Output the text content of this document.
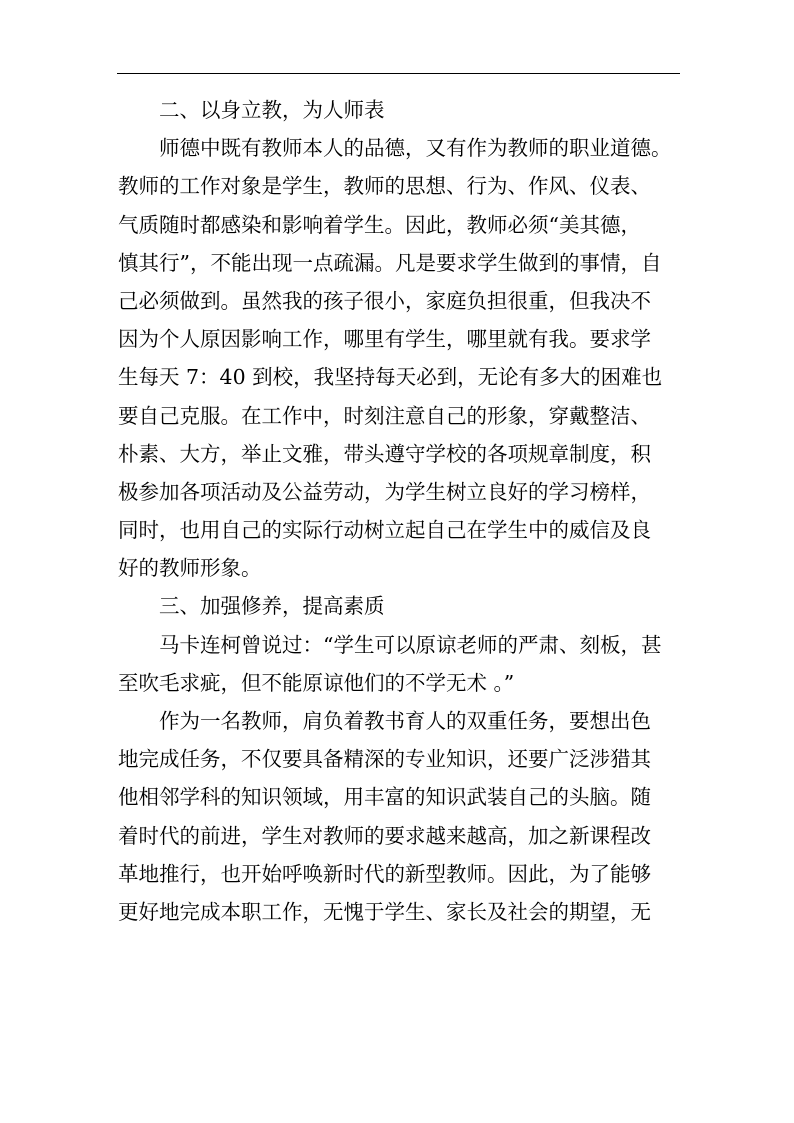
二、以身立教，为人师表
师德中既有教师本人的品德，又有作为教师的职业道德。
教师的工作对象是学生，教师的思想、行为、作风、仪表、
气质随时都感染和影响着学生。因此，教师必须“美其德，
慎其行”，不能出现一点疏漏。凡是要求学生做到的事情，自
己必须做到。虽然我的孩子很小，家庭负担很重，但我决不
因为个人原因影响工作，哪里有学生，哪里就有我。要求学
生每天 7：40 到校，我坚持每天必到，无论有多大的困难也
要自己克服。在工作中，时刻注意自己的形象，穿戴整洁、
朴素、大方，举止文雅，带头遵守学校的各项规章制度，积
极参加各项活动及公益劳动，为学生树立良好的学习榜样，
同时，也用自己的实际行动树立起自己在学生中的威信及良
好的教师形象。
三、加强修养，提高素质
马卡连柯曾说过：“学生可以原谅老师的严肃、刻板，甚
至吹毛求疵，但不能原谅他们的不学无术 。”
作为一名教师，肩负着教书育人的双重任务，要想出色
地完成任务，不仅要具备精深的专业知识，还要广泛涉猎其
他相邻学科的知识领域，用丰富的知识武装自己的头脑。随
着时代的前进，学生对教师的要求越来越高，加之新课程改
革地推行，也开始呼唤新时代的新型教师。因此，为了能够
更好地完成本职工作，无愧于学生、家长及社会的期望，无
